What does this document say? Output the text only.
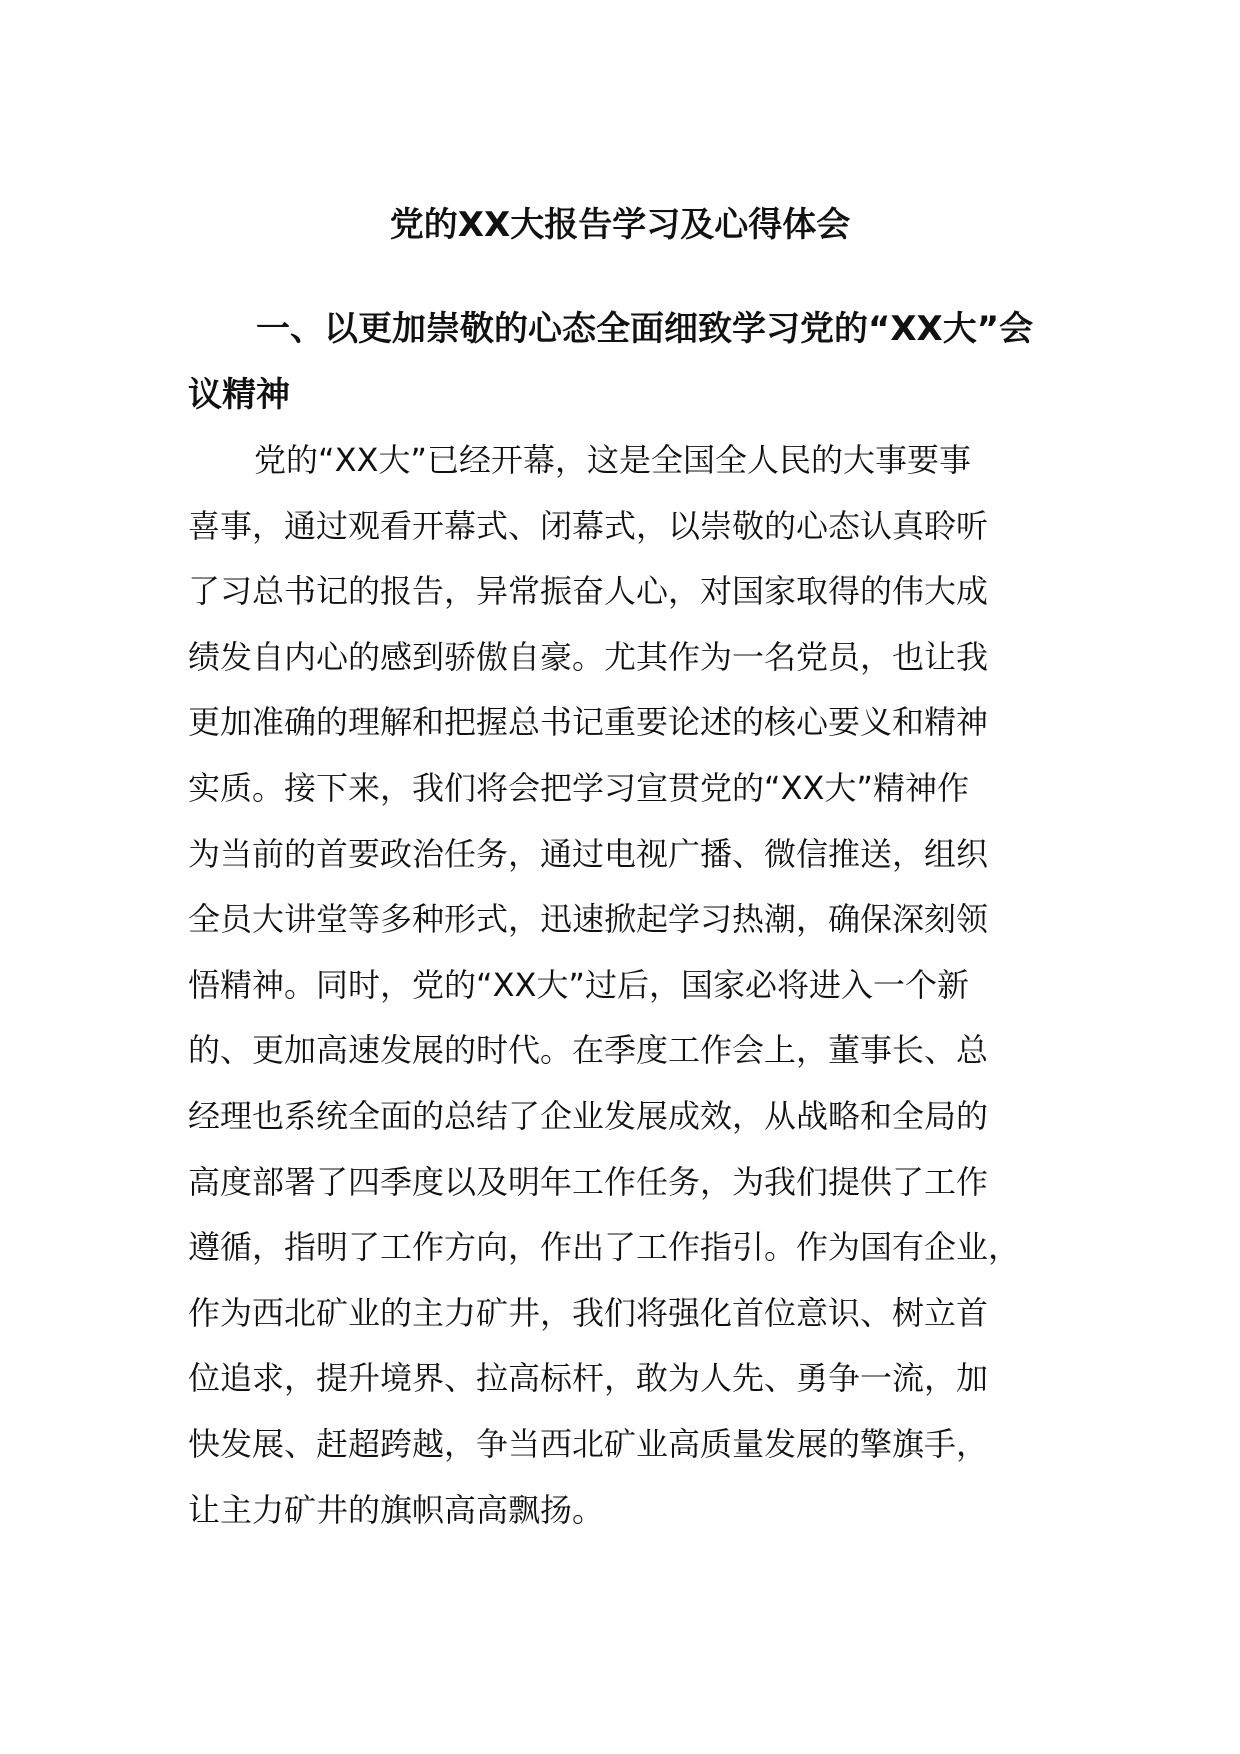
党的XX大报告学习及心得体会
一、以更加崇敬的心态全面细致学习党的“XX大”会
议精神
党的“XX大”已经开幕，这是全国全人民的大事要事
喜事，通过观看开幕式、闭幕式，以崇敬的心态认真聆听
了习总书记的报告，异常振奋人心，对国家取得的伟大成
绩发自内心的感到骄傲自豪。尤其作为一名党员，也让我
更加准确的理解和把握总书记重要论述的核心要义和精神
实质。接下来，我们将会把学习宣贯党的“XX大”精神作
为当前的首要政治任务，通过电视广播、微信推送，组织
全员大讲堂等多种形式，迅速掀起学习热潮，确保深刻领
悟精神。同时，党的“XX大”过后，国家必将进入一个新
的、更加高速发展的时代。在季度工作会上，董事长、总
经理也系统全面的总结了企业发展成效，从战略和全局的
高度部署了四季度以及明年工作任务，为我们提供了工作
遵循，指明了工作方向，作出了工作指引。作为国有企业，
作为西北矿业的主力矿井，我们将强化首位意识、树立首
位追求，提升境界、拉高标杆，敢为人先、勇争一流，加
快发展、赶超跨越，争当西北矿业高质量发展的擎旗手，
让主力矿井的旗帜高高飘扬。
